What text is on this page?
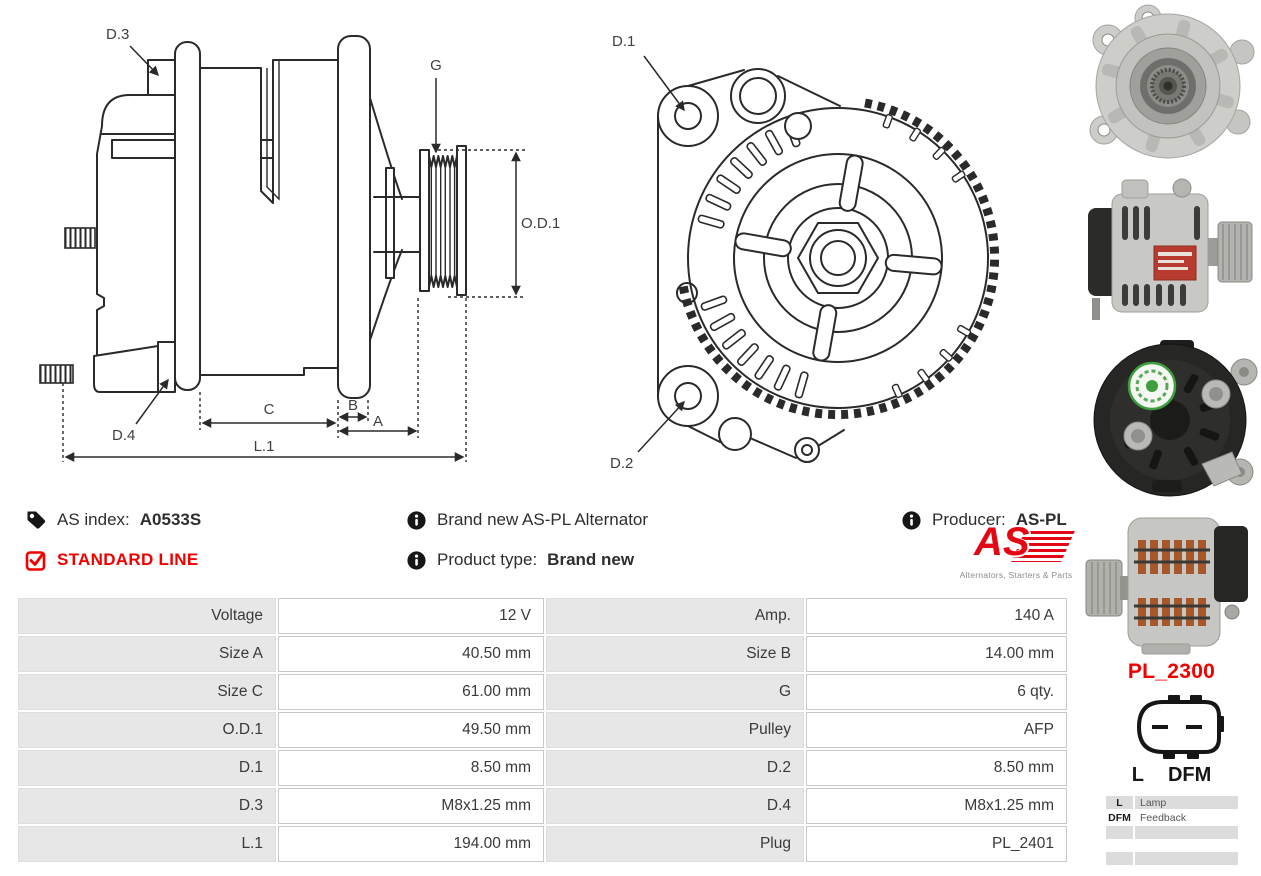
D.3
G
O.D.1
D.4
C	B
A
L.1
D.1
D.2
AS index: A0533S	Brand new AS-PL Alternator	Producer: AS-PL
STANDARD LINE	Product type: Brand new	AS
Alternators, Starters & Parts
Voltage	12 V	Amp.	140 A
Size A	40.50 mm	Size B	14.00 mm
Size C	61.00 mm	G	6 qty.
O.D.1	49.50 mm	Pulley	AFP
D.1	8.50 mm	D.2	8.50 mm
D.3	M8x1.25 mm	D.4	M8x1.25 mm
L.1	194.00 mm	Plug	PL_2401
PL_2300
L DFM
L	Lamp
DFM Feedback
